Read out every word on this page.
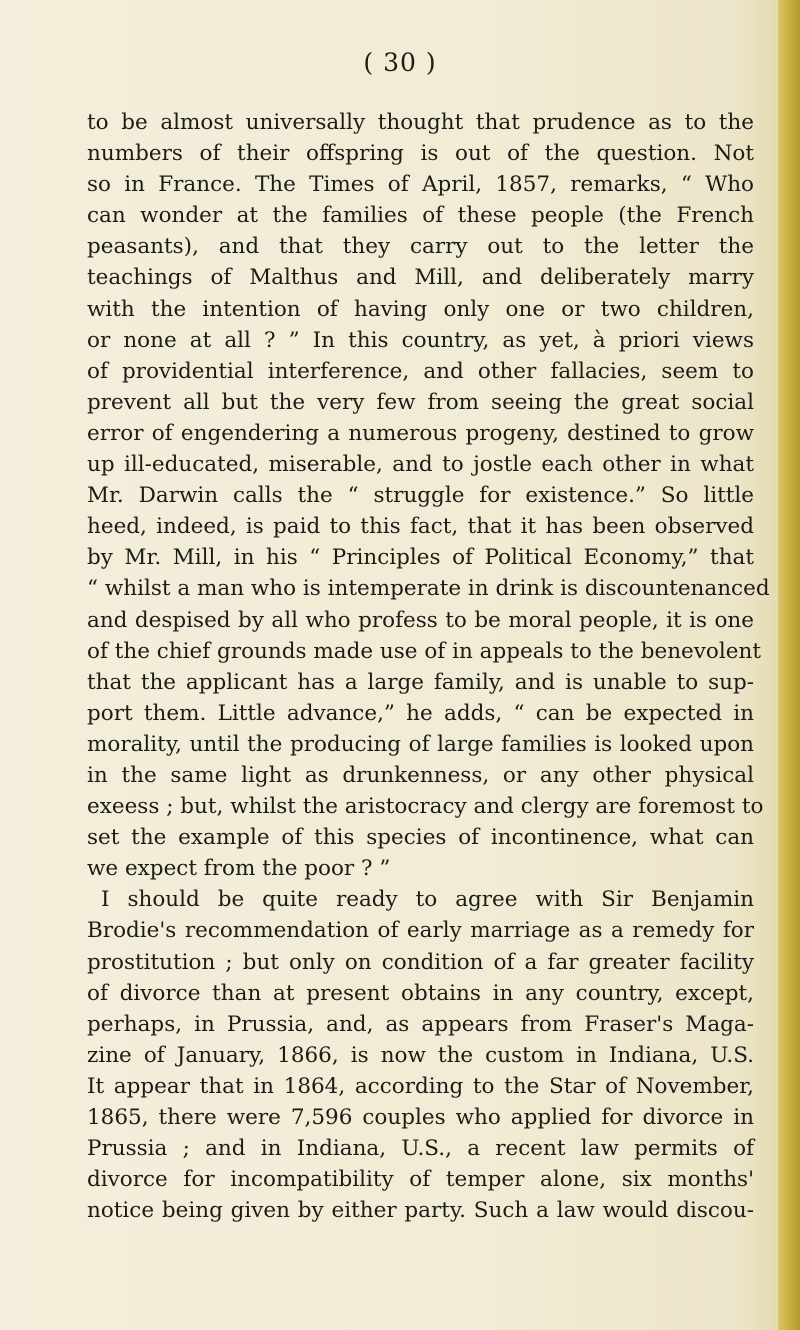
( 30 )
to be almost universally thought that prudence as to the
numbers of their offspring is out of the question. Not
so in France. The Times of April, 1857, remarks, “ Who
can wonder at the families of these people (the French
peasants), and that they carry out to the letter the
teachings of Malthus and Mill, and deliberately marry
with the intention of having only one or two children,
or none at all ? ” In this country, as yet, à priori views
of providential interference, and other fallacies, seem to
prevent all but the very few from seeing the great social
error of engendering a numerous progeny, destined to grow
up ill-educated, miserable, and to jostle each other in what
Mr. Darwin calls the “ struggle for existence.” So little
heed, indeed, is paid to this fact, that it has been observed
by Mr. Mill, in his “ Principles of Political Economy,” that
“ whilst a man who is intemperate in drink is discountenanced
and despised by all who profess to be moral people, it is one
of the chief grounds made use of in appeals to the benevolent
that the applicant has a large family, and is unable to sup-
port them. Little advance,” he adds, “ can be expected in
morality, until the producing of large families is looked upon
in the same light as drunkenness, or any other physical
exeess ; but, whilst the aristocracy and clergy are foremost to
set the example of this species of incontinence, what can
we expect from the poor ? ”
I should be quite ready to agree with Sir Benjamin
Brodie's recommendation of early marriage as a remedy for
prostitution ; but only on condition of a far greater facility
of divorce than at present obtains in any country, except,
perhaps, in Prussia, and, as appears from Fraser's Maga-
zine of January, 1866, is now the custom in Indiana, U.S.
It appear that in 1864, according to the Star of November,
1865, there were 7,596 couples who applied for divorce in
Prussia ; and in Indiana, U.S., a recent law permits of
divorce for incompatibility of temper alone, six months'
notice being given by either party. Such a law would discou-
